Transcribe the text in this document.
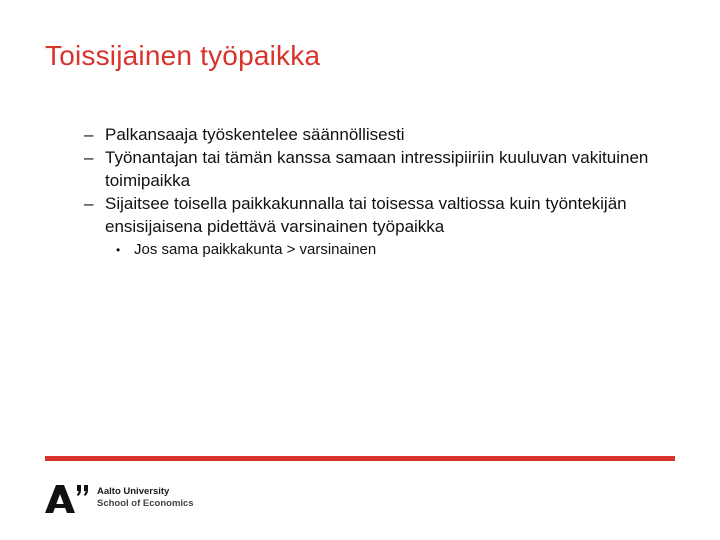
Toissijainen työpaikka
– Palkansaaja työskentelee säännöllisesti
– Työnantajan tai tämän kanssa samaan intressipiiriin kuuluvan vakituinen toimipaikka
– Sijaitsee toisella paikkakunnalla tai toisessa valtiossa kuin työntekijän ensisijaisena pidettävä varsinainen työpaikka
• Jos sama paikkakunta > varsinainen
Aalto University
School of Economics
